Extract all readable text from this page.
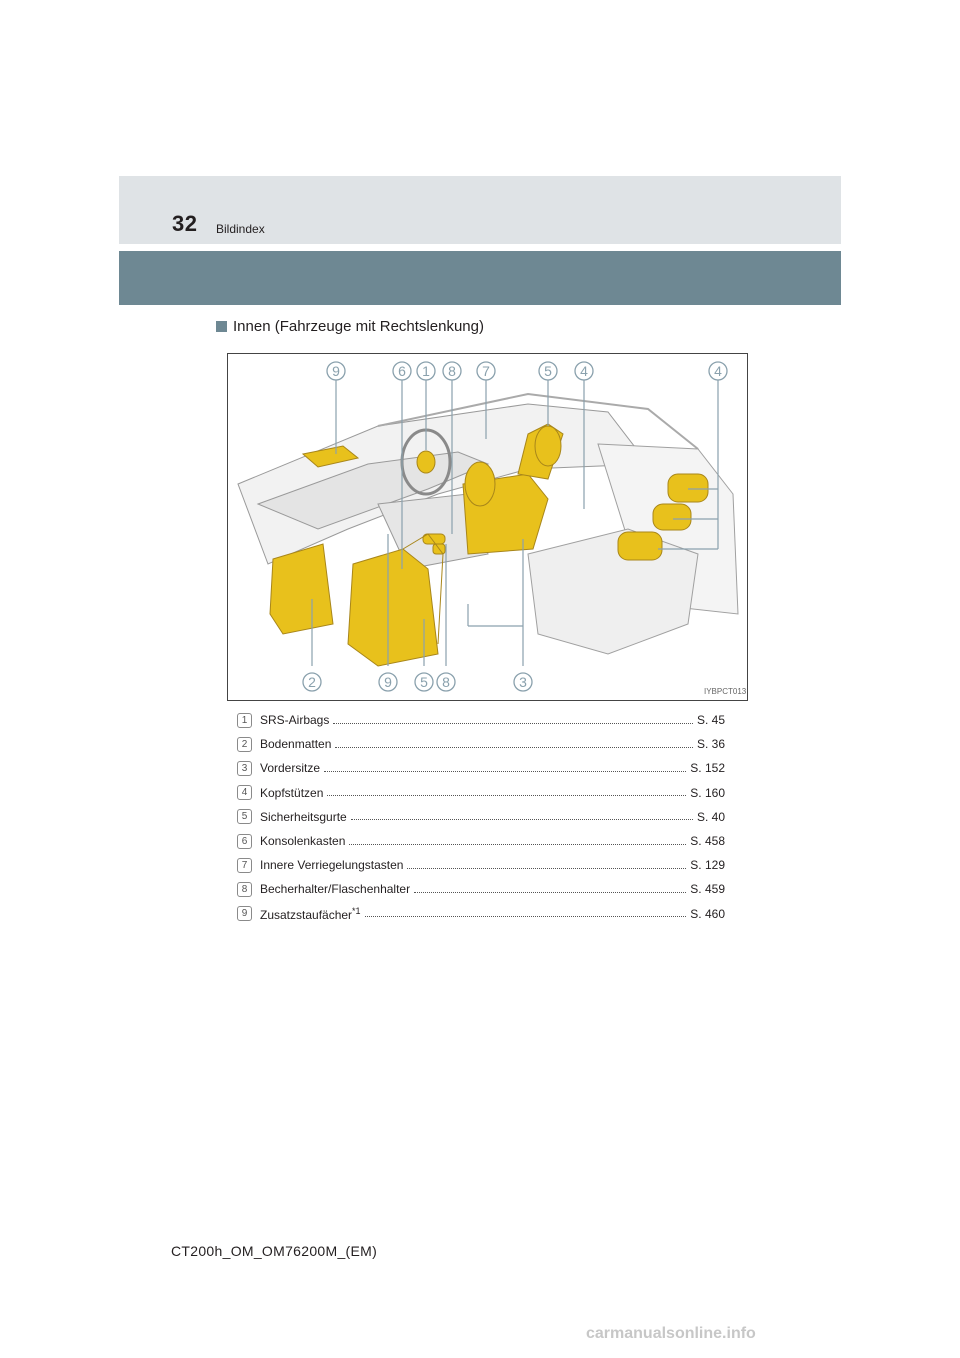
32 Bildindex
Innen (Fahrzeuge mit Rechtslenkung)
9	6 1 8 7	5 4	4
2	9 5 8	3
IYBPCT013
1	SRS-Airbags	S. 45
2	Bodenmatten	S. 36
3	Vordersitze	S. 152
4	Kopfstützen	S. 160
5	Sicherheitsgurte	S. 40
6	Konsolenkasten	S. 458
7	Innere Verriegelungstasten	S. 129
8	Becherhalter/Flaschenhalter	S. 459
9	Zusatzstaufächer$^{*1}$	S. 460
CT200h_OM_OM76200M_(EM)
carmanualsonline.info
